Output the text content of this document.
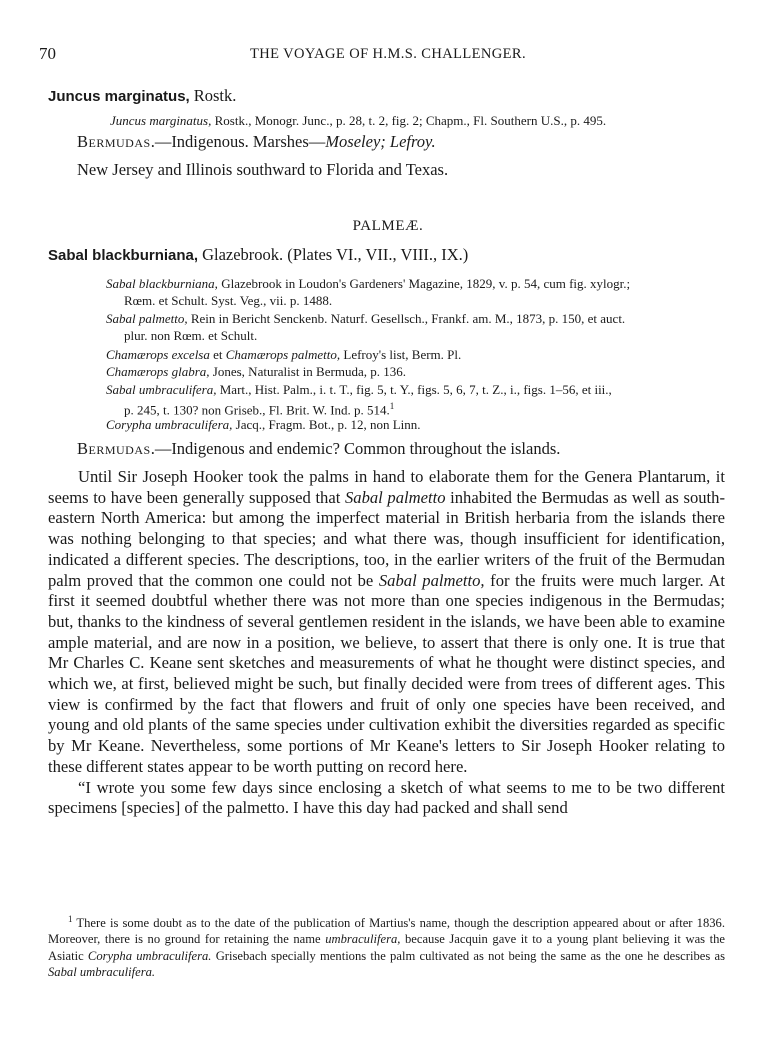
70	THE VOYAGE OF H.M.S. CHALLENGER.
Juncus marginatus, Rostk.
Juncus marginatus, Rostk., Monogr. Junc., p. 28, t. 2, fig. 2; Chapm., Fl. Southern U.S., p. 495.
Bermudas.—Indigenous. Marshes—Moseley; Lefroy.
New Jersey and Illinois southward to Florida and Texas.
PALMEÆ.
Sabal blackburniana, Glazebrook. (Plates VI., VII., VIII., IX.)
Sabal blackburniana, Glazebrook in Loudon's Gardeners' Magazine, 1829, v. p. 54, cum fig. xylogr.;
Rœm. et Schult. Syst. Veg., vii. p. 1488.
Sabal palmetto, Rein in Bericht Senckenb. Naturf. Gesellsch., Frankf. am. M., 1873, p. 150, et auct.
plur. non Rœm. et Schult.
Chamærops excelsa et Chamærops palmetto, Lefroy's list, Berm. Pl.
Chamærops glabra, Jones, Naturalist in Bermuda, p. 136.
Sabal umbraculifera, Mart., Hist. Palm., i. t. T., fig. 5, t. Y., figs. 5, 6, 7, t. Z., i., figs. 1–56, et iii.,
p. 245, t. 130? non Griseb., Fl. Brit. W. Ind. p. 514.$^1$
Corypha umbraculifera, Jacq., Fragm. Bot., p. 12, non Linn.
Bermudas.—Indigenous and endemic? Common throughout the islands.

Until Sir Joseph Hooker took the palms in hand to elaborate them for the Genera Plantarum, it seems to have been generally supposed that Sabal palmetto inhabited the Bermudas as well as south-eastern North America: but among the imperfect material in British herbaria from the islands there was nothing belonging to that species; and what there was, though insufficient for identification, indicated a different species. The descriptions, too, in the earlier writers of the fruit of the Bermudan palm proved that the common one could not be Sabal palmetto, for the fruits were much larger. At first it seemed doubtful whether there was not more than one species indigenous in the Bermudas; but, thanks to the kindness of several gentlemen resident in the islands, we have been able to examine ample material, and are now in a position, we believe, to assert that there is only one. It is true that Mr Charles C. Keane sent sketches and measurements of what he thought were distinct species, and which we, at first, believed might be such, but finally decided were from trees of different ages. This view is confirmed by the fact that flowers and fruit of only one species have been received, and young and old plants of the same species under cultivation exhibit the diversities regarded as specific by Mr Keane. Nevertheless, some portions of Mr Keane's letters to Sir Joseph Hooker relating to these different states appear to be worth putting on record here.

“I wrote you some few days since enclosing a sketch of what seems to me to be two different specimens [species] of the palmetto. I have this day had packed and shall send

$^1$ There is some doubt as to the date of the publication of Martius's name, though the description appeared about or after 1836. Moreover, there is no ground for retaining the name umbraculifera, because Jacquin gave it to a young plant believing it was the Asiatic Corypha umbraculifera. Grisebach specially mentions the palm cultivated as not being the same as the one he describes as Sabal umbraculifera.
